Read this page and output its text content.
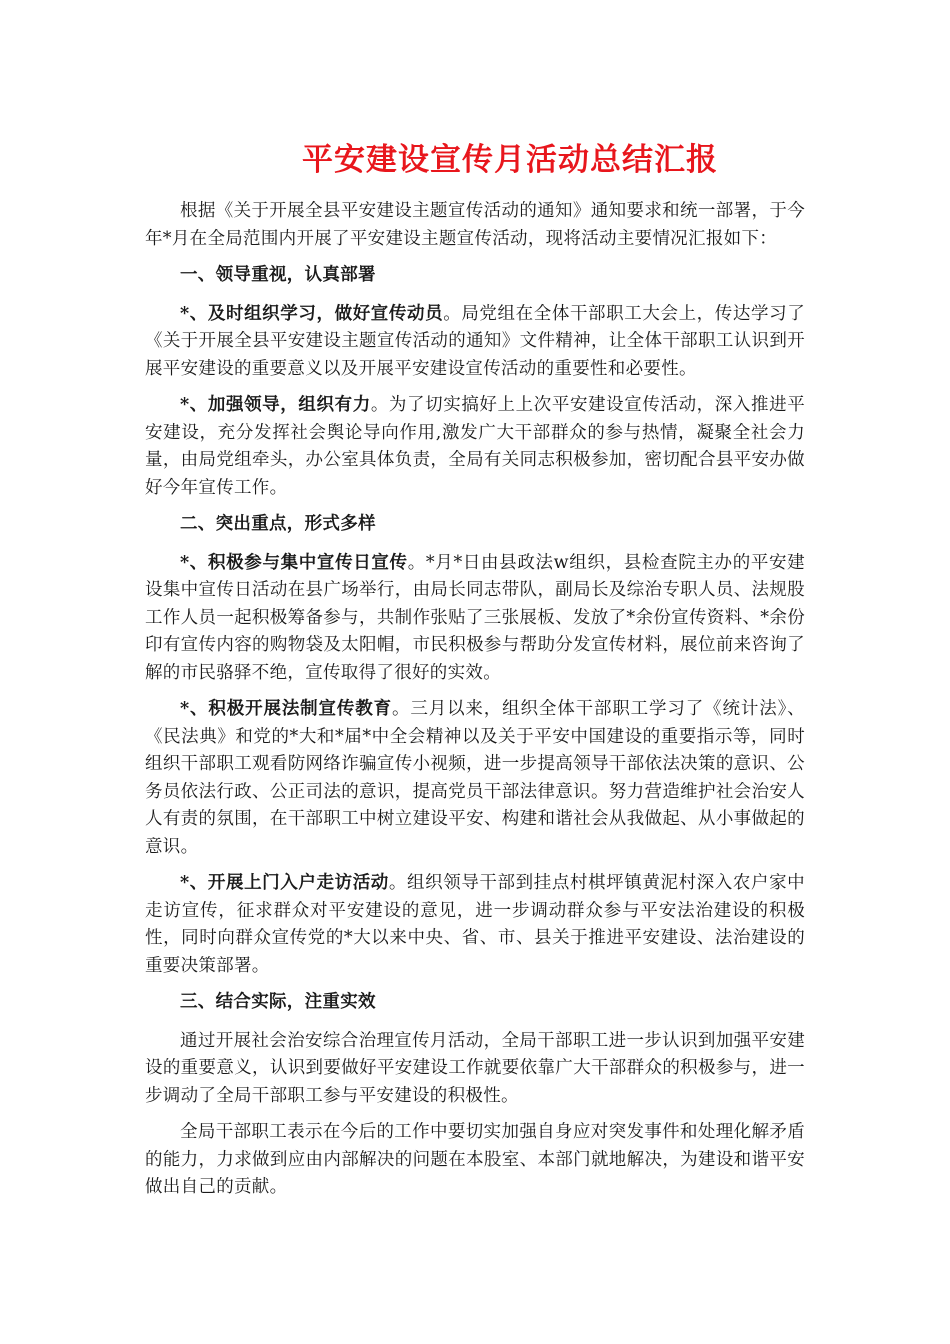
平安建设宣传月活动总结汇报

根据《关于开展全县平安建设主题宣传活动的通知》通知要求和统一部署，于今年*月在全局范围内开展了平安建设主题宣传活动，现将活动主要情况汇报如下：

一、领导重视，认真部署

*、及时组织学习，做好宣传动员。局党组在全体干部职工大会上，传达学习了《关于开展全县平安建设主题宣传活动的通知》文件精神，让全体干部职工认识到开展平安建设的重要意义以及开展平安建设宣传活动的重要性和必要性。

*、加强领导，组织有力。为了切实搞好上上次平安建设宣传活动，深入推进平安建设，充分发挥社会舆论导向作用,激发广大干部群众的参与热情，凝聚全社会力量，由局党组牵头，办公室具体负责，全局有关同志积极参加，密切配合县平安办做好今年宣传工作。

二、突出重点，形式多样

*、积极参与集中宣传日宣传。*月*日由县政法w组织，县检查院主办的平安建设集中宣传日活动在县广场举行，由局长同志带队，副局长及综治专职人员、法规股工作人员一起积极筹备参与，共制作张贴了三张展板、发放了*余份宣传资料、*余份印有宣传内容的购物袋及太阳帽，市民积极参与帮助分发宣传材料，展位前来咨询了解的市民骆驿不绝，宣传取得了很好的实效。

*、积极开展法制宣传教育。三月以来，组织全体干部职工学习了《统计法》、《民法典》和党的*大和*届*中全会精神以及关于平安中国建设的重要指示等，同时组织干部职工观看防网络诈骗宣传小视频，进一步提高领导干部依法决策的意识、公务员依法行政、公正司法的意识，提高党员干部法律意识。努力营造维护社会治安人人有责的氛围，在干部职工中树立建设平安、构建和谐社会从我做起、从小事做起的意识。

*、开展上门入户走访活动。组织领导干部到挂点村棋坪镇黄泥村深入农户家中走访宣传，征求群众对平安建设的意见，进一步调动群众参与平安法治建设的积极性，同时向群众宣传党的*大以来中央、省、市、县关于推进平安建设、法治建设的重要决策部署。

三、结合实际，注重实效

通过开展社会治安综合治理宣传月活动，全局干部职工进一步认识到加强平安建设的重要意义，认识到要做好平安建设工作就要依靠广大干部群众的积极参与，进一步调动了全局干部职工参与平安建设的积极性。

全局干部职工表示在今后的工作中要切实加强自身应对突发事件和处理化解矛盾的能力，力求做到应由内部解决的问题在本股室、本部门就地解决，为建设和谐平安做出自己的贡献。
